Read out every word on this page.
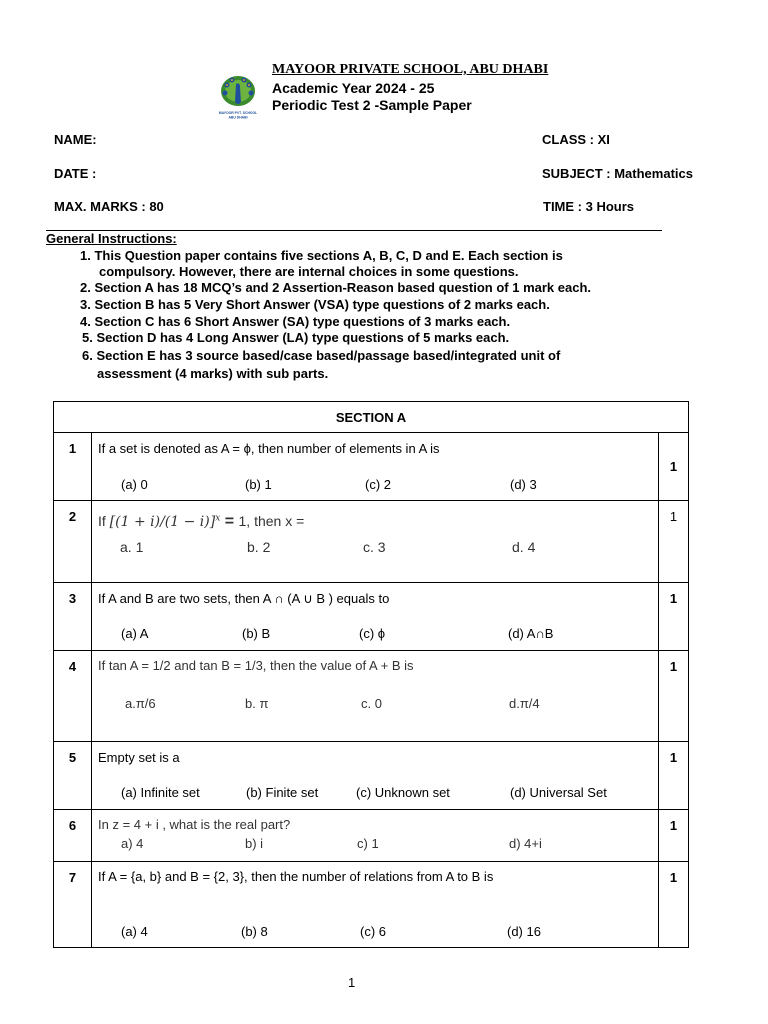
MAYOOR PVT. SCHOOL
ABU DHABI
MAYOOR PRIVATE SCHOOL, ABU DHABI
Academic Year 2024 - 25
Periodic Test 2 -Sample Paper
NAME:	CLASS : XI
DATE :	SUBJECT : Mathematics
MAX. MARKS : 80	TIME : 3 Hours
General Instructions:
1. This Question paper contains five sections A, B, C, D and E. Each section is
compulsory. However, there are internal choices in some questions.
2. Section A has 18 MCQ’s and 2 Assertion-Reason based question of 1 mark each.
3. Section B has 5 Very Short Answer (VSA) type questions of 2 marks each.
4. Section C has 6 Short Answer (SA) type questions of 3 marks each.
5. Section D has 4 Long Answer (LA) type questions of 5 marks each.
6. Section E has 3 source based/case based/passage based/integrated unit of
assessment (4 marks) with sub parts.
SECTION A		
1	If a set is denoted as A = ϕ, then number of elements in A is
(a) 0 (b) 1 (c) 2 (d) 3	1
2	If $[(1 + i)/(1 - i)]^x = 1$, then x =
a. 1 b. 2 c. 3 d. 4	1
3	If A and B are two sets, then A ∩ (A ∪ B ) equals to
(a) A (b) B (c) ϕ (d) A∩B	1
4	If tan A = 1/2 and tan B = 1/3, then the value of A + B is
a.π/6 b. π c. 0 d.π/4	1
5	Empty set is a
(a) Infinite set (b) Finite set (c) Unknown set (d) Universal Set	1
6	In z = 4 + i , what is the real part?
a) 4 b) i c) 1 d) 4+i	1
7	If A = {a, b} and B = {2, 3}, then the number of relations from A to B is
(a) 4 (b) 8 (c) 6 (d) 16	1
1
